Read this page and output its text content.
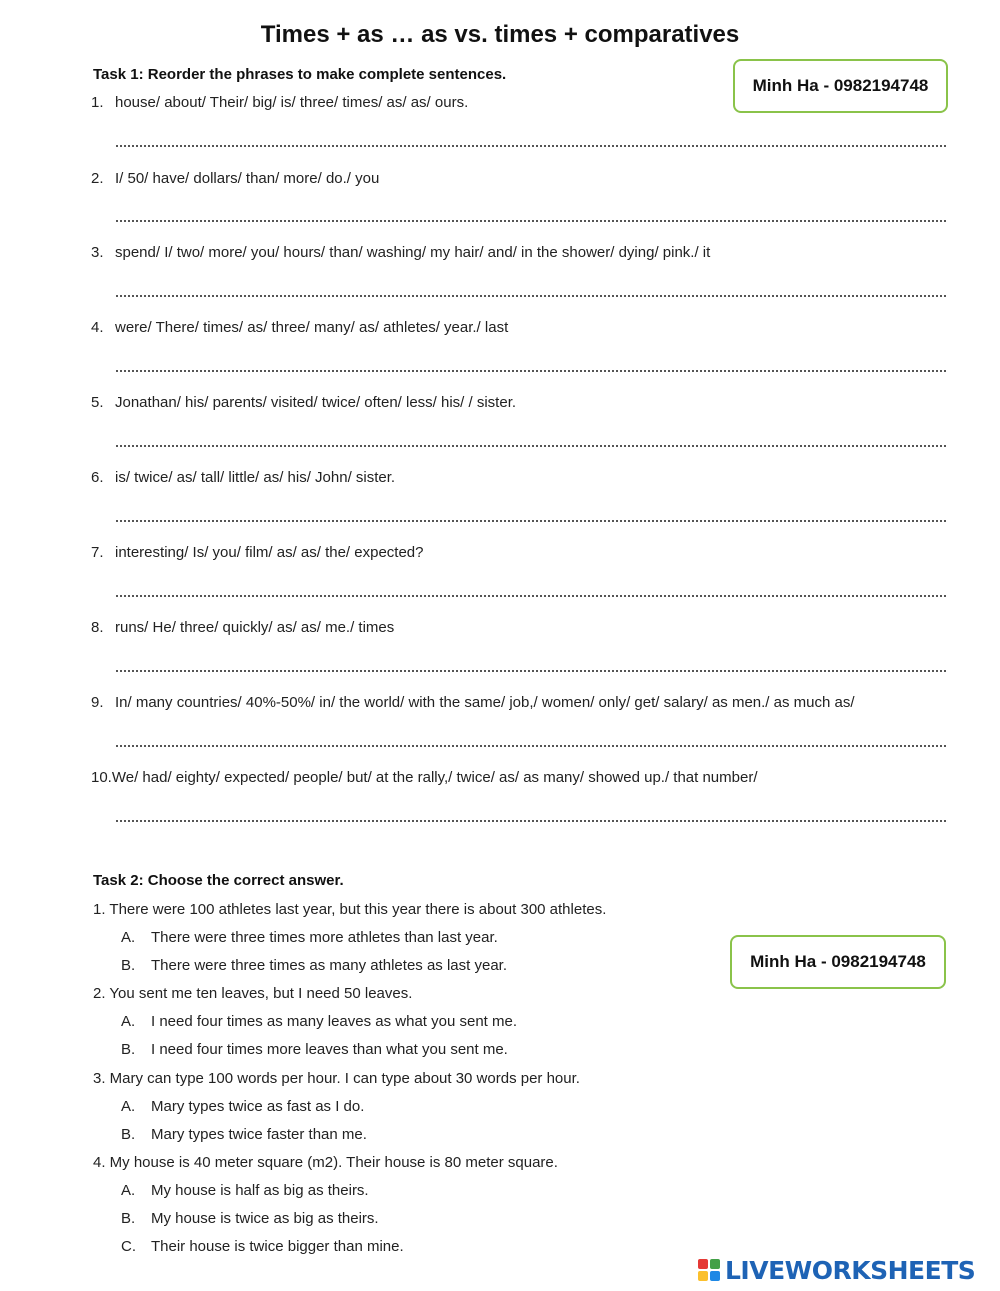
Times + as … as vs. times + comparatives
Minh Ha - 0982194748
Task 1: Reorder the phrases to make complete sentences.
1. house/ about/ Their/ big/ is/ three/ times/ as/ as/ ours.
2. I/ 50/ have/ dollars/ than/ more/ do./ you
3. spend/ I/ two/ more/ you/ hours/ than/ washing/ my hair/ and/ in the shower/ dying/ pink./ it
4. were/ There/ times/ as/ three/ many/ as/ athletes/ year./ last
5. Jonathan/ his/ parents/ visited/ twice/ often/ less/ his/ / sister.
6. is/ twice/ as/ tall/ little/ as/ his/ John/ sister.
7. interesting/ Is/ you/ film/ as/ as/ the/ expected?
8. runs/ He/ three/ quickly/ as/ as/ me./ times
9. In/ many countries/ 40%-50%/ in/ the world/ with the same/ job,/ women/ only/ get/ salary/ as men./ as much as/
10.We/ had/ eighty/ expected/ people/ but/ at the rally,/ twice/ as/ as many/ showed up./ that number/
Task 2: Choose the correct answer.
Minh Ha - 0982194748
1. There were 100 athletes last year, but this year there is about 300 athletes.
A. There were three times more athletes than last year.
B. There were three times as many athletes as last year.
2. You sent me ten leaves, but I need 50 leaves.
A. I need four times as many leaves as what you sent me.
B. I need four times more leaves than what you sent me.
3. Mary can type 100 words per hour. I can type about 30 words per hour.
A. Mary types twice as fast as I do.
B. Mary types twice faster than me.
4. My house is 40 meter square (m2). Their house is 80 meter square.
A. My house is half as big as theirs.
B. My house is twice as big as theirs.
C. Their house is twice bigger than mine.
LIVEWORKSHEETS
